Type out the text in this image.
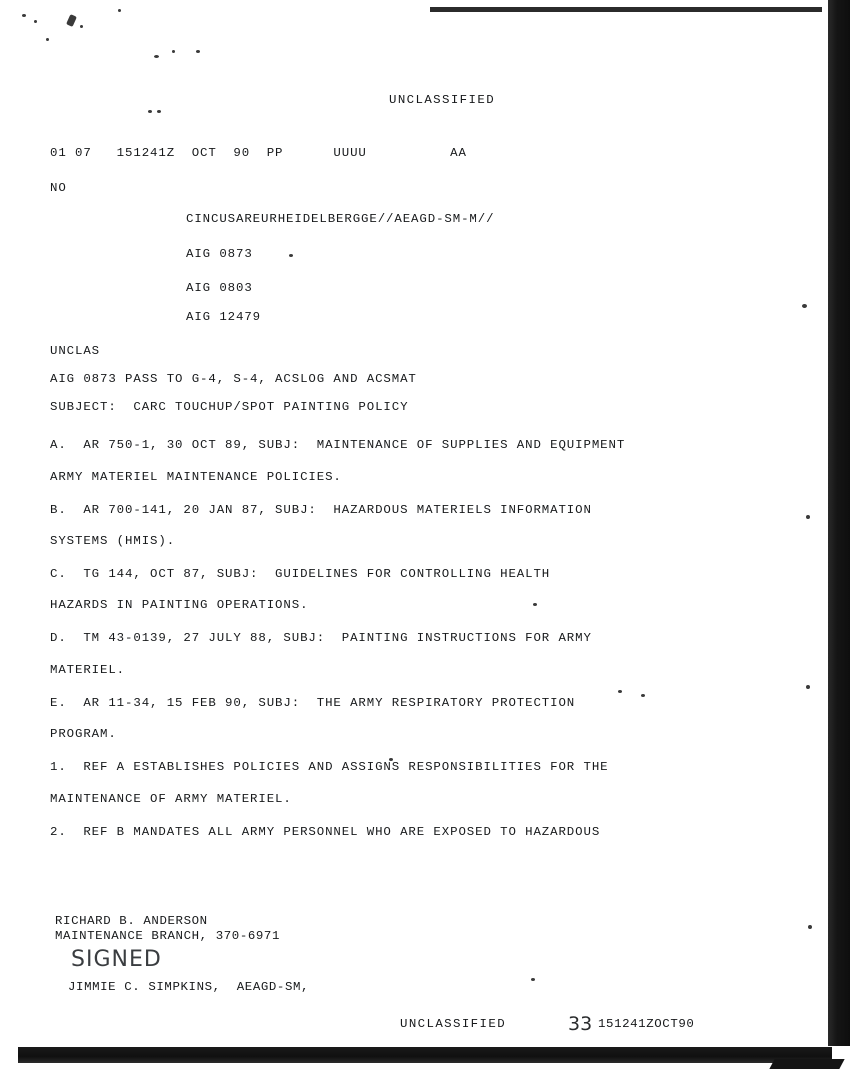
UNCLASSIFIED
01 07   151241Z  OCT  90  PP      UUUU          AA
NO
CINCUSAREURHEIDELBERGGE//AEAGD-SM-M//
AIG 0873
AIG 0803
AIG 12479
UNCLAS
AIG 0873 PASS TO G-4, S-4, ACSLOG AND ACSMAT
SUBJECT:  CARC TOUCHUP/SPOT PAINTING POLICY
A.  AR 750-1, 30 OCT 89, SUBJ:  MAINTENANCE OF SUPPLIES AND EQUIPMENT
ARMY MATERIEL MAINTENANCE POLICIES.
B.  AR 700-141, 20 JAN 87, SUBJ:  HAZARDOUS MATERIELS INFORMATION
SYSTEMS (HMIS).
C.  TG 144, OCT 87, SUBJ:  GUIDELINES FOR CONTROLLING HEALTH
HAZARDS IN PAINTING OPERATIONS.
D.  TM 43-0139, 27 JULY 88, SUBJ:  PAINTING INSTRUCTIONS FOR ARMY
MATERIEL.
E.  AR 11-34, 15 FEB 90, SUBJ:  THE ARMY RESPIRATORY PROTECTION
PROGRAM.
1.  REF A ESTABLISHES POLICIES AND ASSIGNS RESPONSIBILITIES FOR THE
MAINTENANCE OF ARMY MATERIEL.
2.  REF B MANDATES ALL ARMY PERSONNEL WHO ARE EXPOSED TO HAZARDOUS
RICHARD B. ANDERSON
MAINTENANCE BRANCH, 370-6971
SIGNED
JIMMIE C. SIMPKINS,  AEAGD-SM,
UNCLASSIFIED	33 151241ZOCT90
